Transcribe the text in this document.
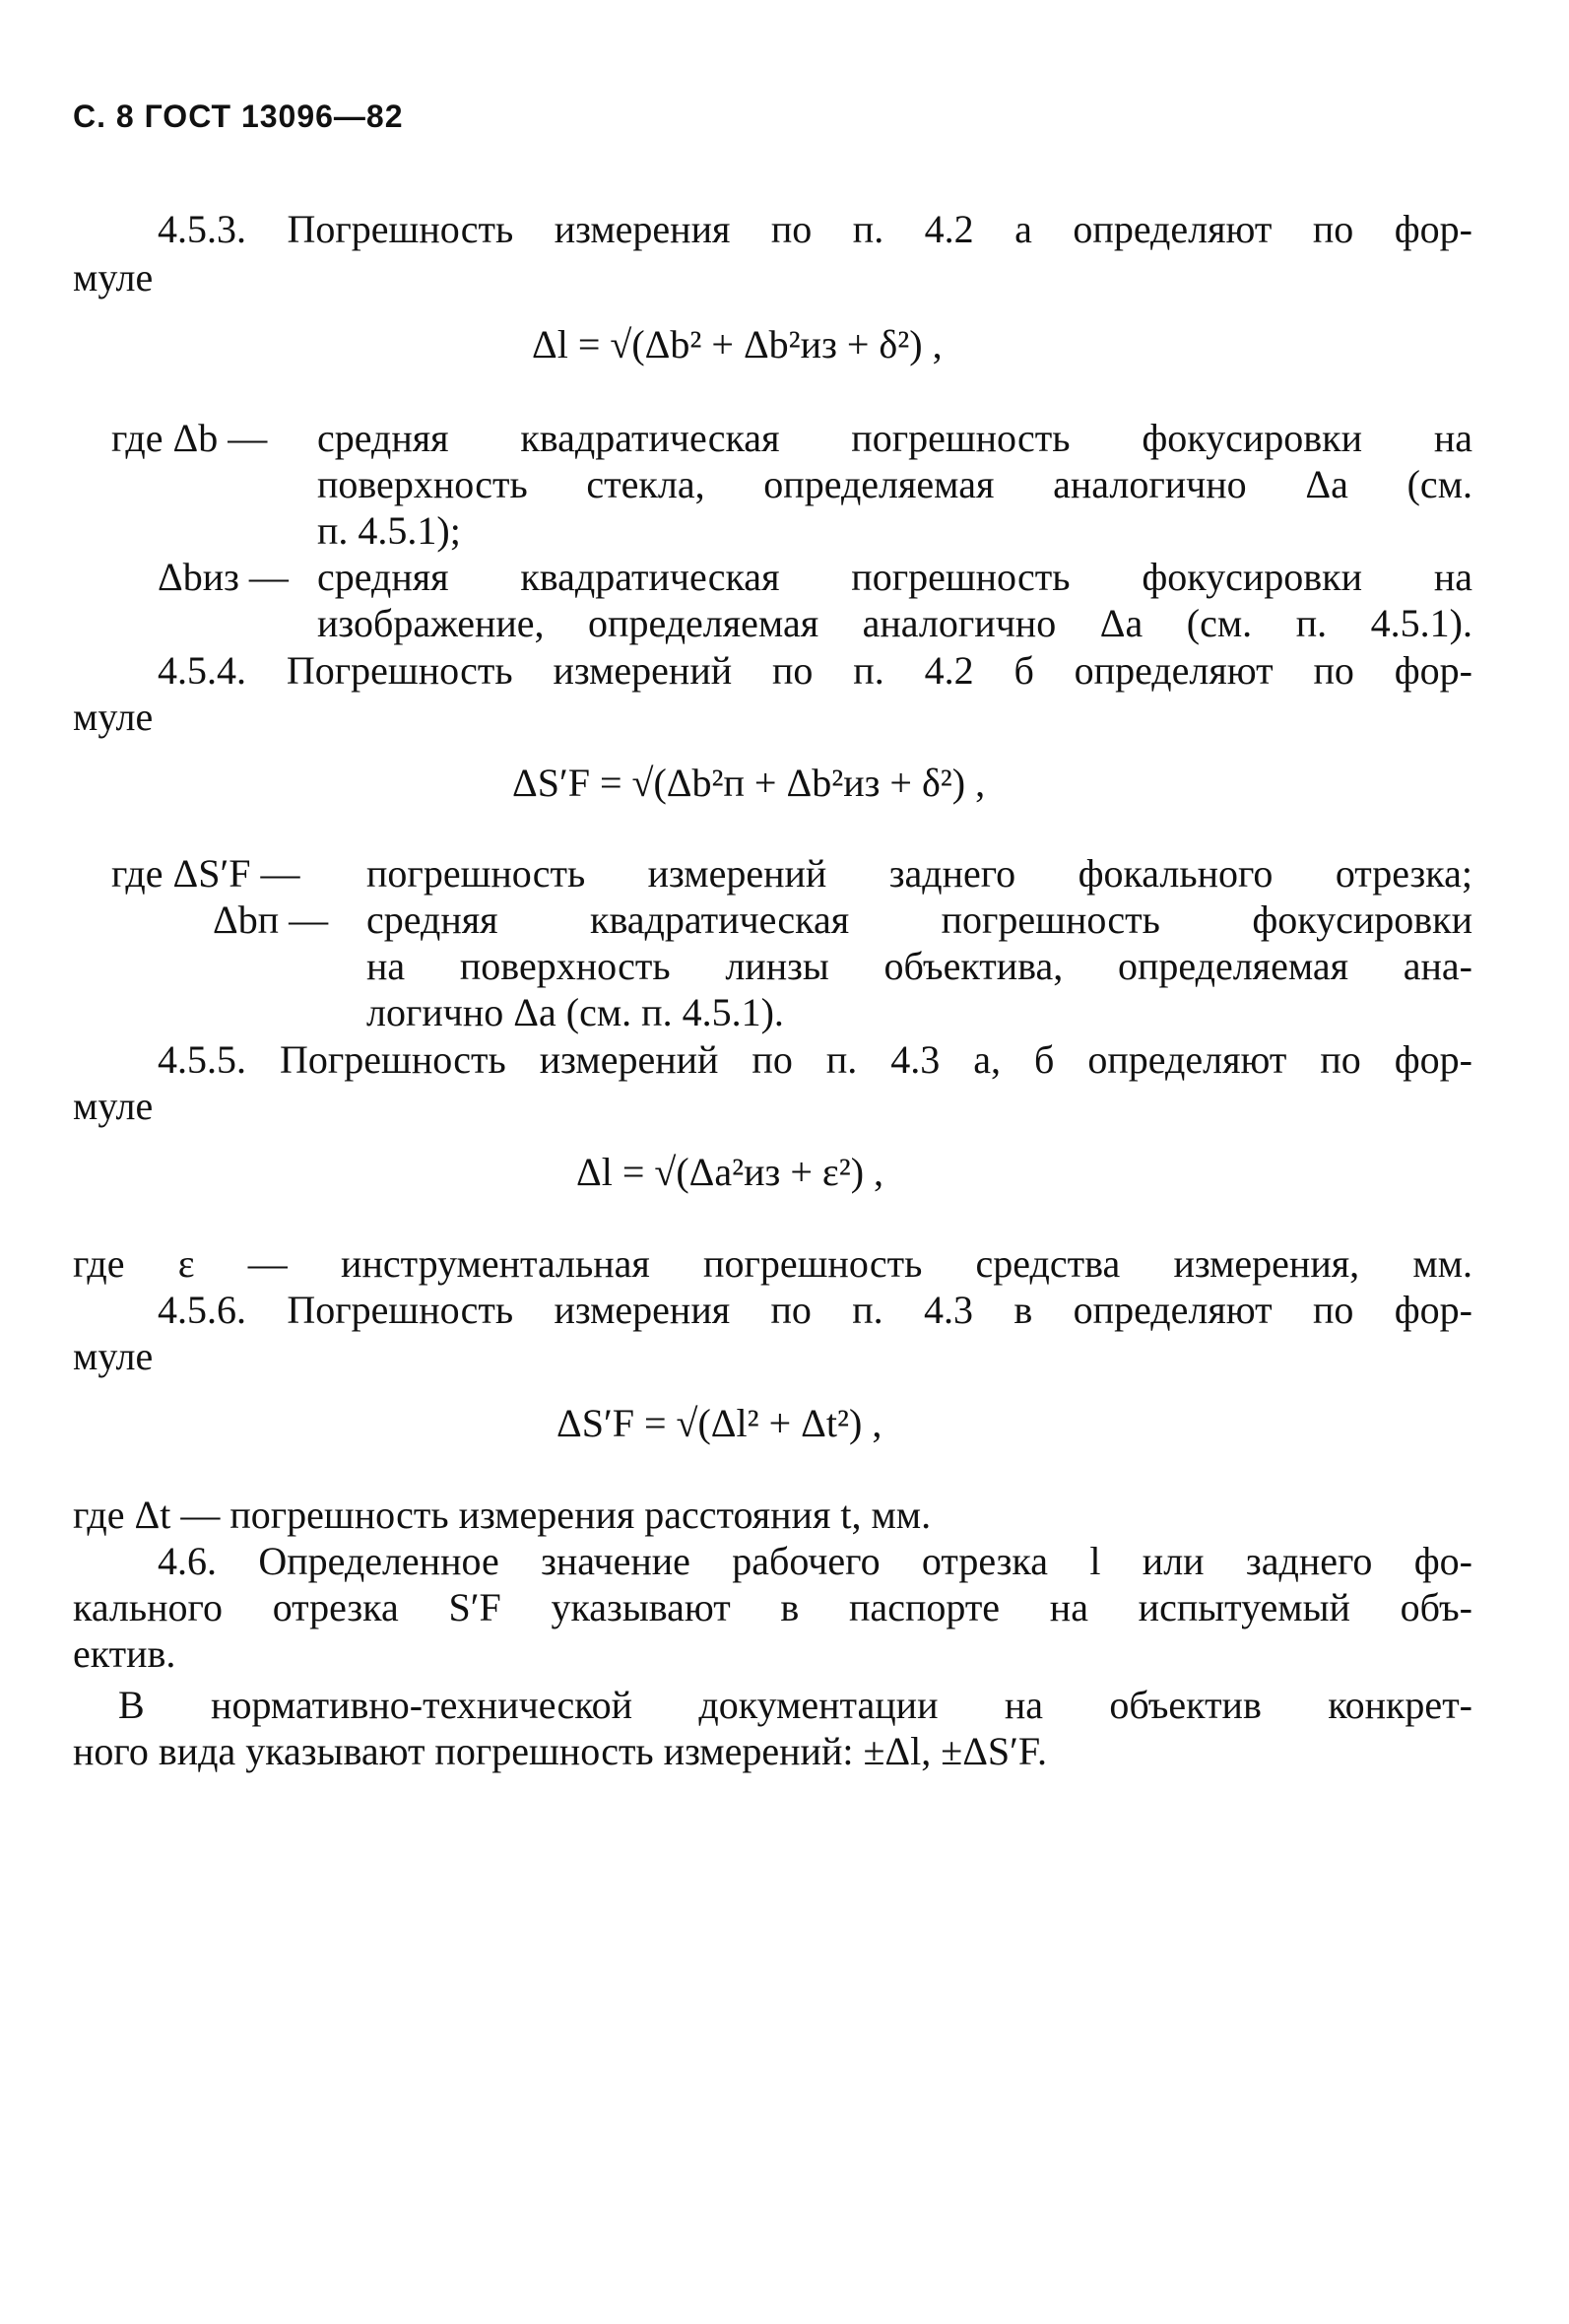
С. 8 ГОСТ 13096—82
4.5.3. Погрешность измерения по п. 4.2 а определяют по фор-
муле
Δl = √(Δb² + Δb²из + δ²) ,
где Δb — средняя квадратическая погрешность фокусировки на
поверхность стекла, определяемая аналогично Δa (см.
п. 4.5.1);
Δbиз — средняя квадратическая погрешность фокусировки на
изображение, определяемая аналогично Δa (см. п. 4.5.1).
4.5.4. Погрешность измерений по п. 4.2 б определяют по фор-
муле
ΔS′F = √(Δb²п + Δb²из + δ²) ,
где ΔS′F — погрешность измерений заднего фокального отрезка;
Δbп — средняя квадратическая погрешность фокусировки
на поверхность линзы объектива, определяемая ана-
логично Δa (см. п. 4.5.1).
4.5.5. Погрешность измерений по п. 4.3 а, б определяют по фор-
муле
Δl = √(Δa²из + ε²) ,
где ε — инструментальная погрешность средства измерения, мм.
4.5.6. Погрешность измерения по п. 4.3 в определяют по фор-
муле
ΔS′F = √(Δl² + Δt²) ,
где Δt — погрешность измерения расстояния t, мм.
4.6. Определенное значение рабочего отрезка l или заднего фо-
кального отрезка S′F указывают в паспорте на испытуемый объ-
ектив.
В нормативно-технической документации на объектив конкрет-
ного вида указывают погрешность измерений: ±Δl, ±ΔS′F.
